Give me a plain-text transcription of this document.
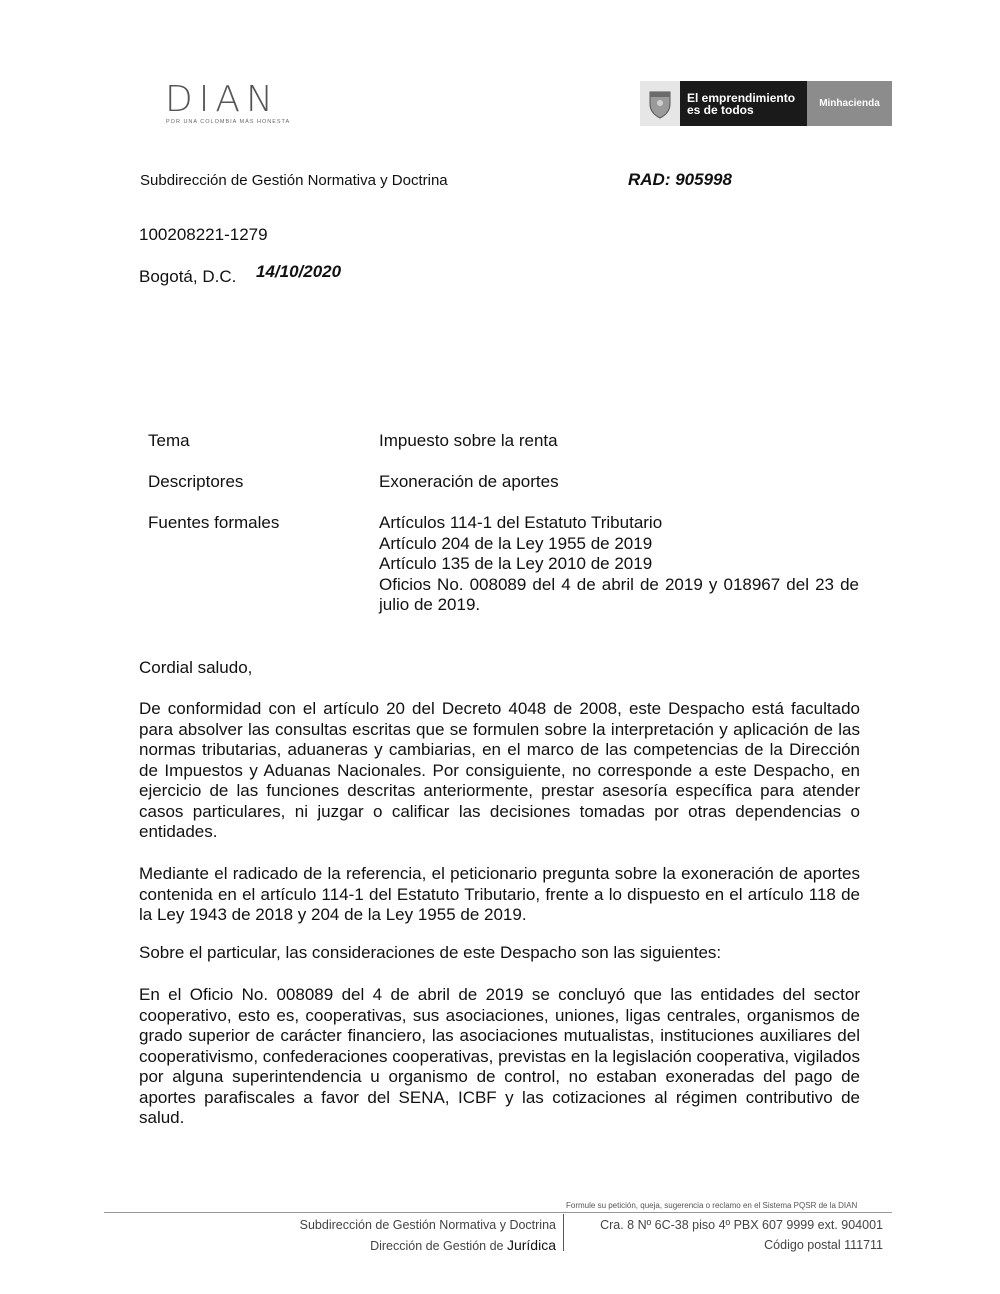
DIAN
POR UNA COLOMBIA MÁS HONESTA
El emprendimiento es de todos	Minhacienda
Subdirección de Gestión Normativa y Doctrina	RAD: 905998
100208221-1279
Bogotá, D.C. 14/10/2020
Tema	Impuesto sobre la renta
Descriptores	Exoneración de aportes
Fuentes formales	Artículos 114-1 del Estatuto Tributario
Artículo 204 de la Ley 1955 de 2019
Artículo 135 de la Ley 2010 de 2019
Oficios No. 008089 del 4 de abril de 2019 y 018967 del 23 de julio de 2019.
Cordial saludo,

De conformidad con el artículo 20 del Decreto 4048 de 2008, este Despacho está facultado para absolver las consultas escritas que se formulen sobre la interpretación y aplicación de las normas tributarias, aduaneras y cambiarias, en el marco de las competencias de la Dirección de Impuestos y Aduanas Nacionales. Por consiguiente, no corresponde a este Despacho, en ejercicio de las funciones descritas anteriormente, prestar asesoría específica para atender casos particulares, ni juzgar o calificar las decisiones tomadas por otras dependencias o entidades.

Mediante el radicado de la referencia, el peticionario pregunta sobre la exoneración de aportes contenida en el artículo 114-1 del Estatuto Tributario, frente a lo dispuesto en el artículo 118 de la Ley 1943 de 2018 y 204 de la Ley 1955 de 2019.

Sobre el particular, las consideraciones de este Despacho son las siguientes:

En el Oficio No. 008089 del 4 de abril de 2019 se concluyó que las entidades del sector cooperativo, esto es, cooperativas, sus asociaciones, uniones, ligas centrales, organismos de grado superior de carácter financiero, las asociaciones mutualistas, instituciones auxiliares del cooperativismo, confederaciones cooperativas, previstas en la legislación cooperativa, vigilados por alguna superintendencia u organismo de control, no estaban exoneradas del pago de aportes parafiscales a favor del SENA, ICBF y las cotizaciones al régimen contributivo de salud.

Formule su petición, queja, sugerencia o reclamo en el Sistema PQSR de la DIAN
Subdirección de Gestión Normativa y Doctrina
Dirección de Gestión de Jurídica
Cra. 8 Nº 6C-38 piso 4º PBX 607 9999 ext. 904001
Código postal 111711
